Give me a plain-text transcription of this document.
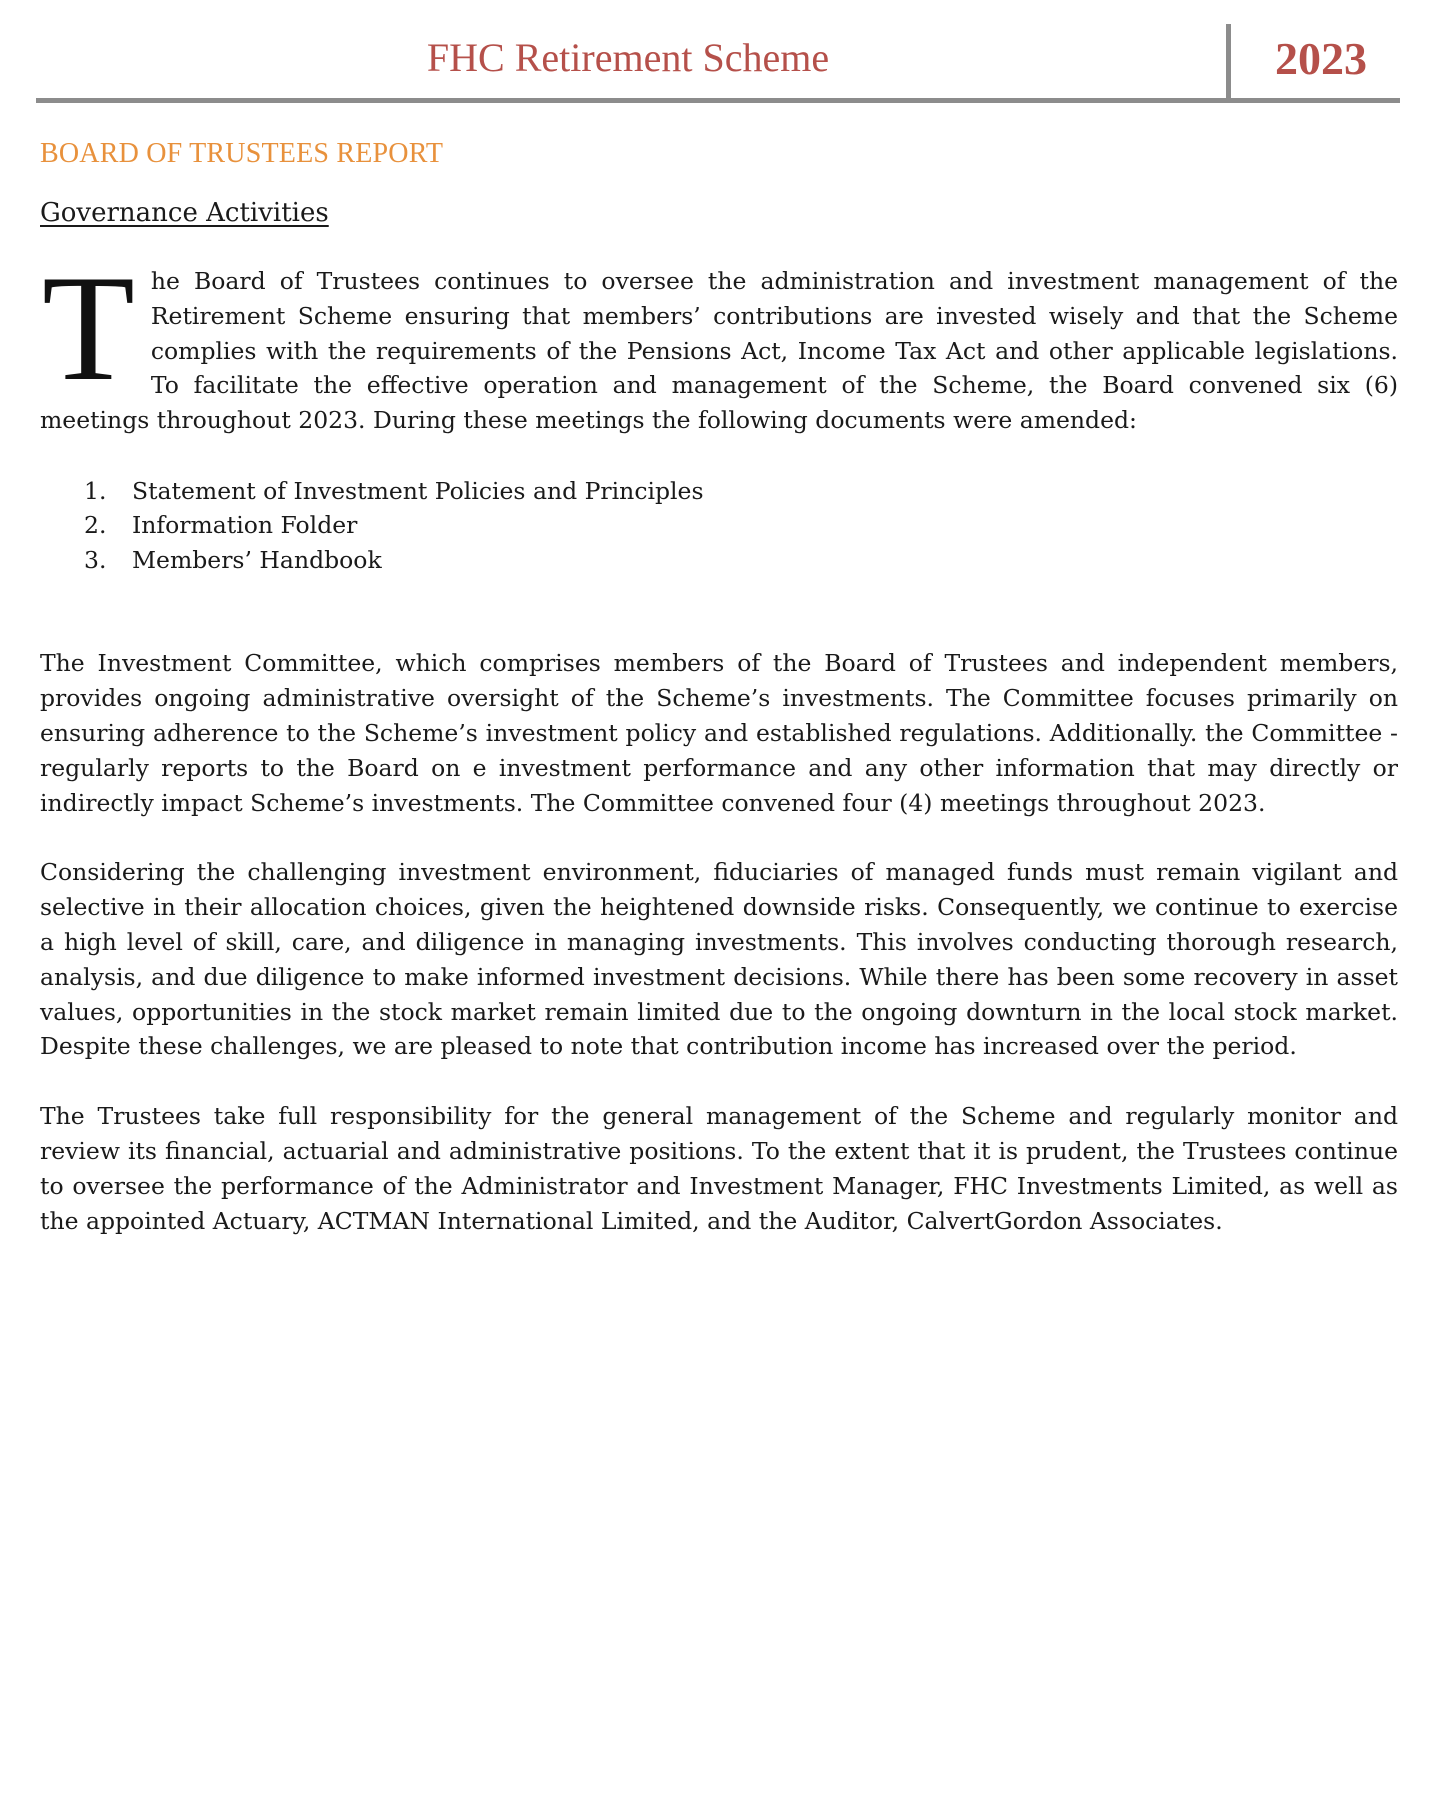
FHC Retirement Scheme	2023
BOARD OF TRUSTEES REPORT
Governance Activities

The Board of Trustees continues to oversee the administration and investment management of the Retirement Scheme ensuring that members’ contributions are invested wisely and that the Scheme complies with the requirements of the Pensions Act, Income Tax Act and other applicable legislations. To facilitate the effective operation and management of the Scheme, the Board convened six (6) meetings throughout 2023. During these meetings the following documents were amended:

1.	Statement of Investment Policies and Principles
2.	Information Folder
3.	Members’ Handbook

The Investment Committee, which comprises members of the Board of Trustees and independent members, provides ongoing administrative oversight of the Scheme’s investments. The Committee focuses primarily on ensuring adherence to the Scheme’s investment policy and established regulations. Additionally. the Committee - regularly reports to the Board on e investment performance and any other information that may directly or indirectly impact Scheme’s investments. The Committee convened four (4) meetings throughout 2023.

Considering the challenging investment environment, fiduciaries of managed funds must remain vigilant and selective in their allocation choices, given the heightened downside risks. Consequently, we continue to exercise a high level of skill, care, and diligence in managing investments. This involves conducting thorough research, analysis, and due diligence to make informed investment decisions. While there has been some recovery in asset values, opportunities in the stock market remain limited due to the ongoing downturn in the local stock market. Despite these challenges, we are pleased to note that contribution income has increased over the period.

The Trustees take full responsibility for the general management of the Scheme and regularly monitor and review its financial, actuarial and administrative positions. To the extent that it is prudent, the Trustees continue to oversee the performance of the Administrator and Investment Manager, FHC Investments Limited, as well as the appointed Actuary, ACTMAN International Limited, and the Auditor, CalvertGordon Associates.
